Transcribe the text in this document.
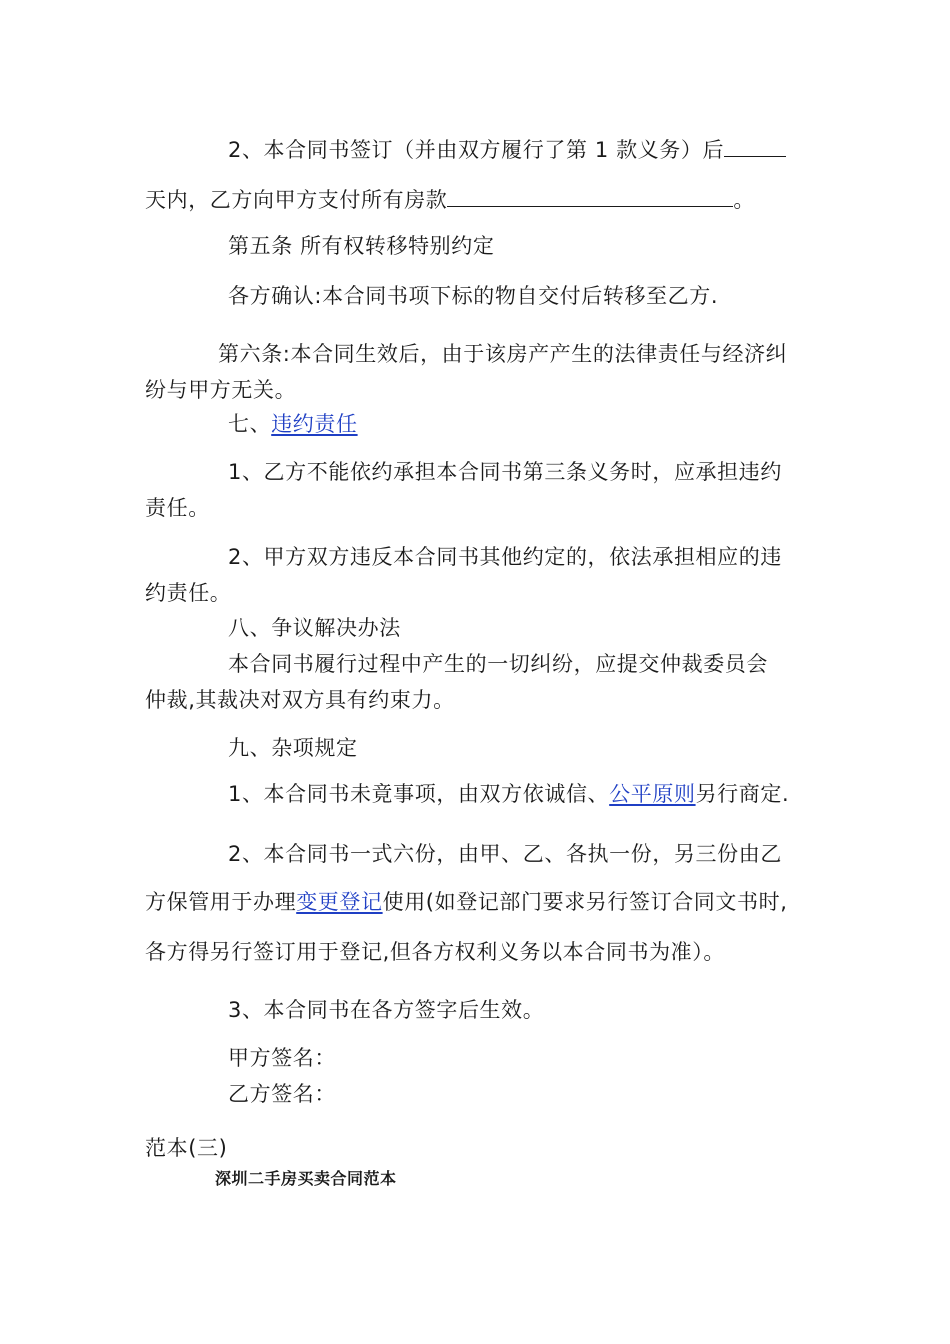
2、本合同书签订（并由双方履行了第 1 款义务）后
天内，乙方向甲方支付所有房款	。
第五条 所有权转移特别约定
各方确认:本合同书项下标的物自交付后转移至乙方.
第六条:本合同生效后，由于该房产产生的法律责任与经济纠
纷与甲方无关。
七、违约责任
1、乙方不能依约承担本合同书第三条义务时，应承担违约
责任。
2、甲方双方违反本合同书其他约定的，依法承担相应的违
约责任。
八、争议解决办法
本合同书履行过程中产生的一切纠纷，应提交仲裁委员会
仲裁,其裁决对双方具有约束力。
九、杂项规定
1、本合同书未竟事项，由双方依诚信、公平原则另行商定.
2、本合同书一式六份，由甲、乙、各执一份，另三份由乙
方保管用于办理变更登记使用(如登记部门要求另行签订合同文书时,
各方得另行签订用于登记,但各方权利义务以本合同书为准）。
3、本合同书在各方签字后生效。
甲方签名：
乙方签名：
范本(三)
深圳二手房买卖合同范本
